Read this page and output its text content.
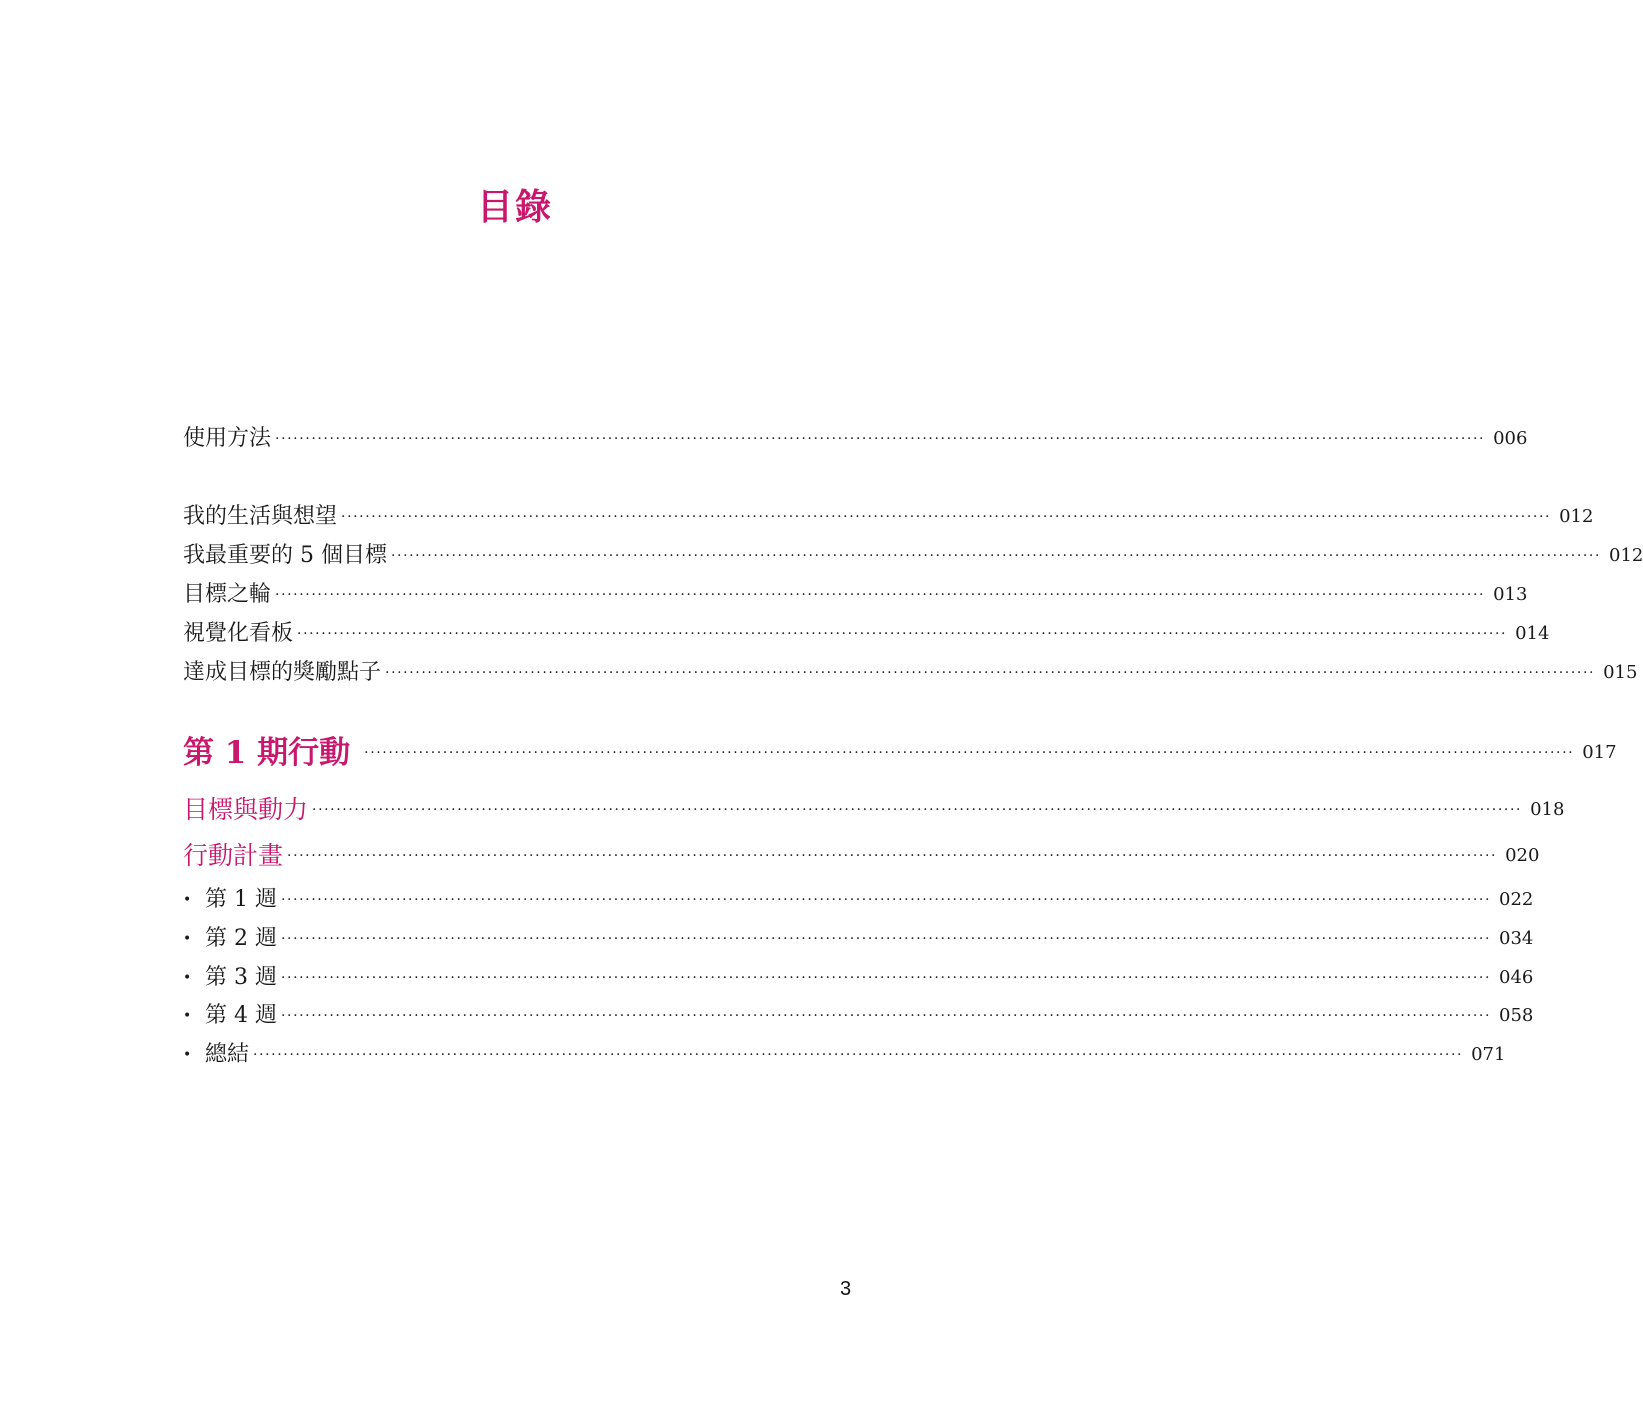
目錄
使用方法 ········································································································································································································ 006
我的生活與想望 ········································································································································································································ 012
我最重要的 5 個目標 ········································································································································································································ 012
目標之輪 ········································································································································································································ 013
視覺化看板 ········································································································································································································ 014
達成目標的獎勵點子 ········································································································································································································ 015
第 1 期行動 ········································································································································································································ 017
目標與動力 ········································································································································································································ 018
行動計畫 ········································································································································································································ 020
• 第 1 週 ········································································································································································································ 022
• 第 2 週 ········································································································································································································ 034
• 第 3 週 ········································································································································································································ 046
• 第 4 週 ········································································································································································································ 058
• 總結 ········································································································································································································ 071
3
